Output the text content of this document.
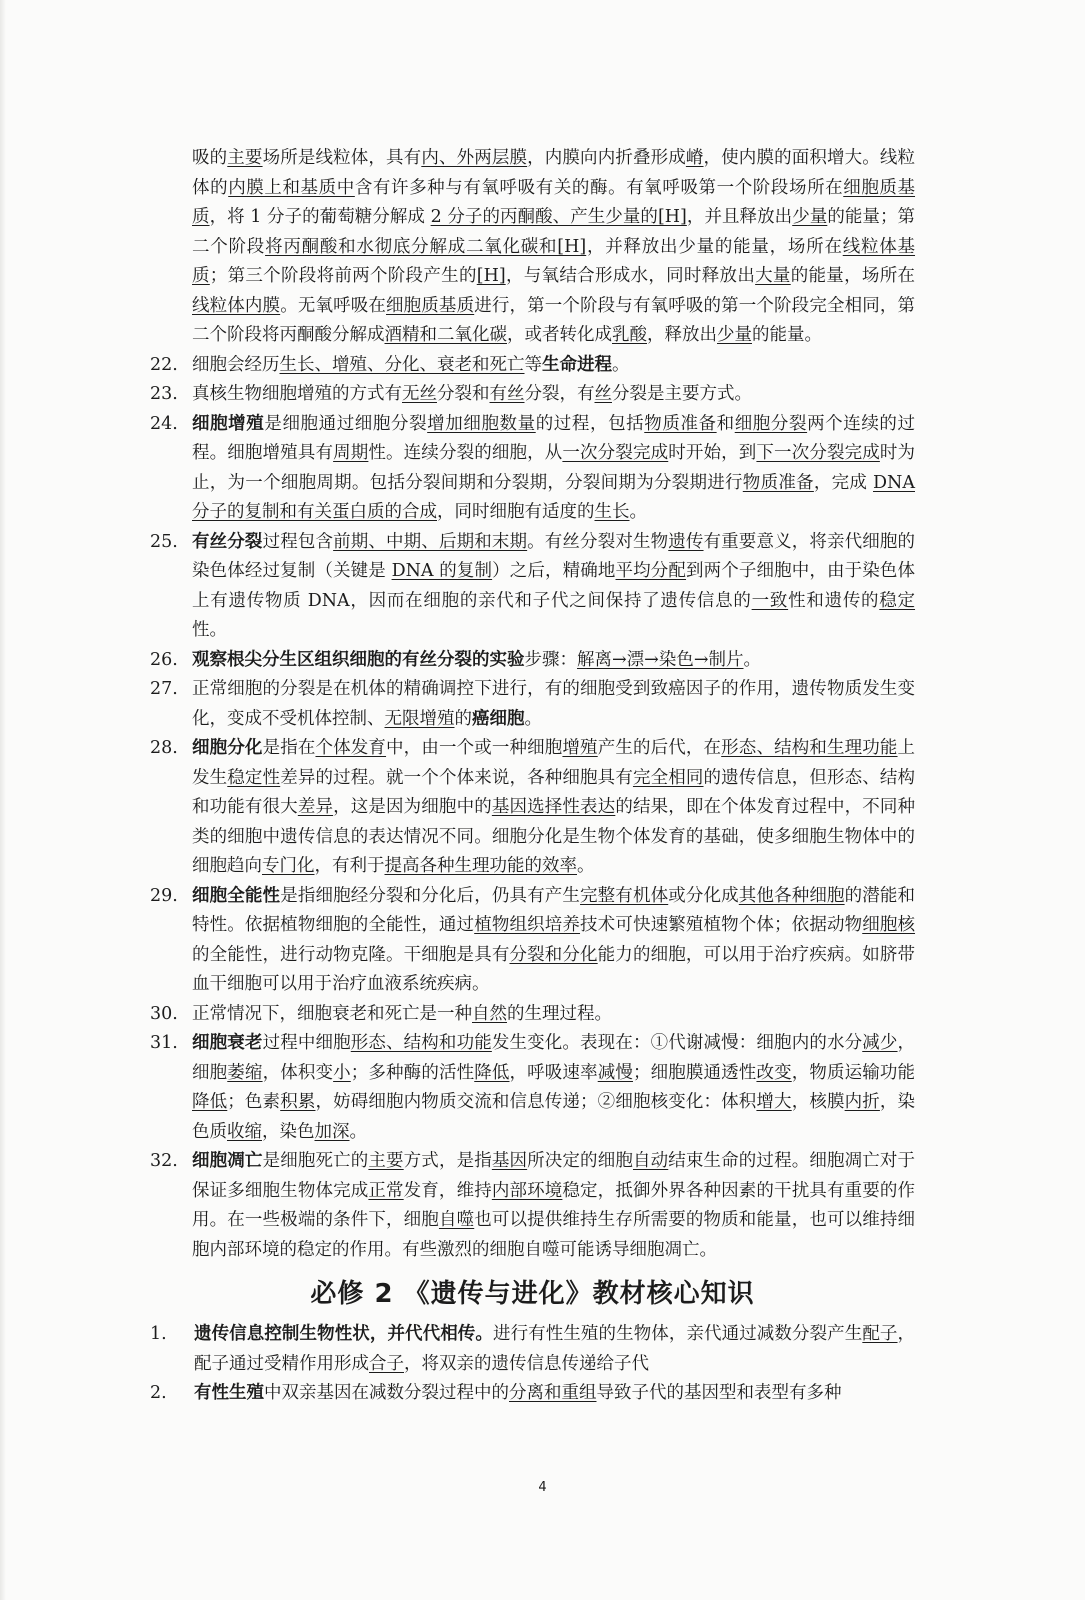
吸的主要场所是线粒体，具有内、外两层膜，内膜向内折叠形成嵴，使内膜的面积增大。线粒体的内膜上和基质中含有许多种与有氧呼吸有关的酶。有氧呼吸第一个阶段场所在细胞质基质，将 1 分子的葡萄糖分解成 2 分子的丙酮酸、产生少量的[H]，并且释放出少量的能量；第二个阶段将丙酮酸和水彻底分解成二氧化碳和[H]，并释放出少量的能量，场所在线粒体基质；第三个阶段将前两个阶段产生的[H]，与氧结合形成水，同时释放出大量的能量，场所在线粒体内膜。无氧呼吸在细胞质基质进行，第一个阶段与有氧呼吸的第一个阶段完全相同，第二个阶段将丙酮酸分解成酒精和二氧化碳，或者转化成乳酸，释放出少量的能量。

22. 细胞会经历生长、增殖、分化、衰老和死亡等生命进程。
23. 真核生物细胞增殖的方式有无丝分裂和有丝分裂，有丝分裂是主要方式。
24. 细胞增殖是细胞通过细胞分裂增加细胞数量的过程，包括物质准备和细胞分裂两个连续的过程。细胞增殖具有周期性。连续分裂的细胞，从一次分裂完成时开始，到下一次分裂完成时为止，为一个细胞周期。包括分裂间期和分裂期，分裂间期为分裂期进行物质准备，完成 DNA 分子的复制和有关蛋白质的合成，同时细胞有适度的生长。
25. 有丝分裂过程包含前期、中期、后期和末期。有丝分裂对生物遗传有重要意义，将亲代细胞的染色体经过复制（关键是 DNA 的复制）之后，精确地平均分配到两个子细胞中，由于染色体上有遗传物质 DNA，因而在细胞的亲代和子代之间保持了遗传信息的一致性和遗传的稳定性。
26. 观察根尖分生区组织细胞的有丝分裂的实验步骤：解离→漂→染色→制片。
27. 正常细胞的分裂是在机体的精确调控下进行，有的细胞受到致癌因子的作用，遗传物质发生变化，变成不受机体控制、无限增殖的癌细胞。
28. 细胞分化是指在个体发育中，由一个或一种细胞增殖产生的后代，在形态、结构和生理功能上发生稳定性差异的过程。就一个个体来说，各种细胞具有完全相同的遗传信息，但形态、结构和功能有很大差异，这是因为细胞中的基因选择性表达的结果，即在个体发育过程中，不同种类的细胞中遗传信息的表达情况不同。细胞分化是生物个体发育的基础，使多细胞生物体中的细胞趋向专门化，有利于提高各种生理功能的效率。
29. 细胞全能性是指细胞经分裂和分化后，仍具有产生完整有机体或分化成其他各种细胞的潜能和特性。依据植物细胞的全能性，通过植物组织培养技术可快速繁殖植物个体；依据动物细胞核的全能性，进行动物克隆。干细胞是具有分裂和分化能力的细胞，可以用于治疗疾病。如脐带血干细胞可以用于治疗血液系统疾病。
30. 正常情况下，细胞衰老和死亡是一种自然的生理过程。
31. 细胞衰老过程中细胞形态、结构和功能发生变化。表现在：①代谢减慢：细胞内的水分减少，细胞萎缩，体积变小；多种酶的活性降低，呼吸速率减慢；细胞膜通透性改变，物质运输功能降低；色素积累，妨碍细胞内物质交流和信息传递；②细胞核变化：体积增大，核膜内折，染色质收缩，染色加深。
32. 细胞凋亡是细胞死亡的主要方式，是指基因所决定的细胞自动结束生命的过程。细胞凋亡对于保证多细胞生物体完成正常发育，维持内部环境稳定，抵御外界各种因素的干扰具有重要的作用。在一些极端的条件下，细胞自噬也可以提供维持生存所需要的物质和能量，也可以维持细胞内部环境的稳定的作用。有些激烈的细胞自噬可能诱导细胞凋亡。
必修 2 《遗传与进化》教材核心知识
1.	遗传信息控制生物性状，并代代相传。进行有性生殖的生物体，亲代通过减数分裂产生配子，配子通过受精作用形成合子，将双亲的遗传信息传递给子代
2.	有性生殖中双亲基因在减数分裂过程中的分离和重组导致子代的基因型和表型有多种
4
